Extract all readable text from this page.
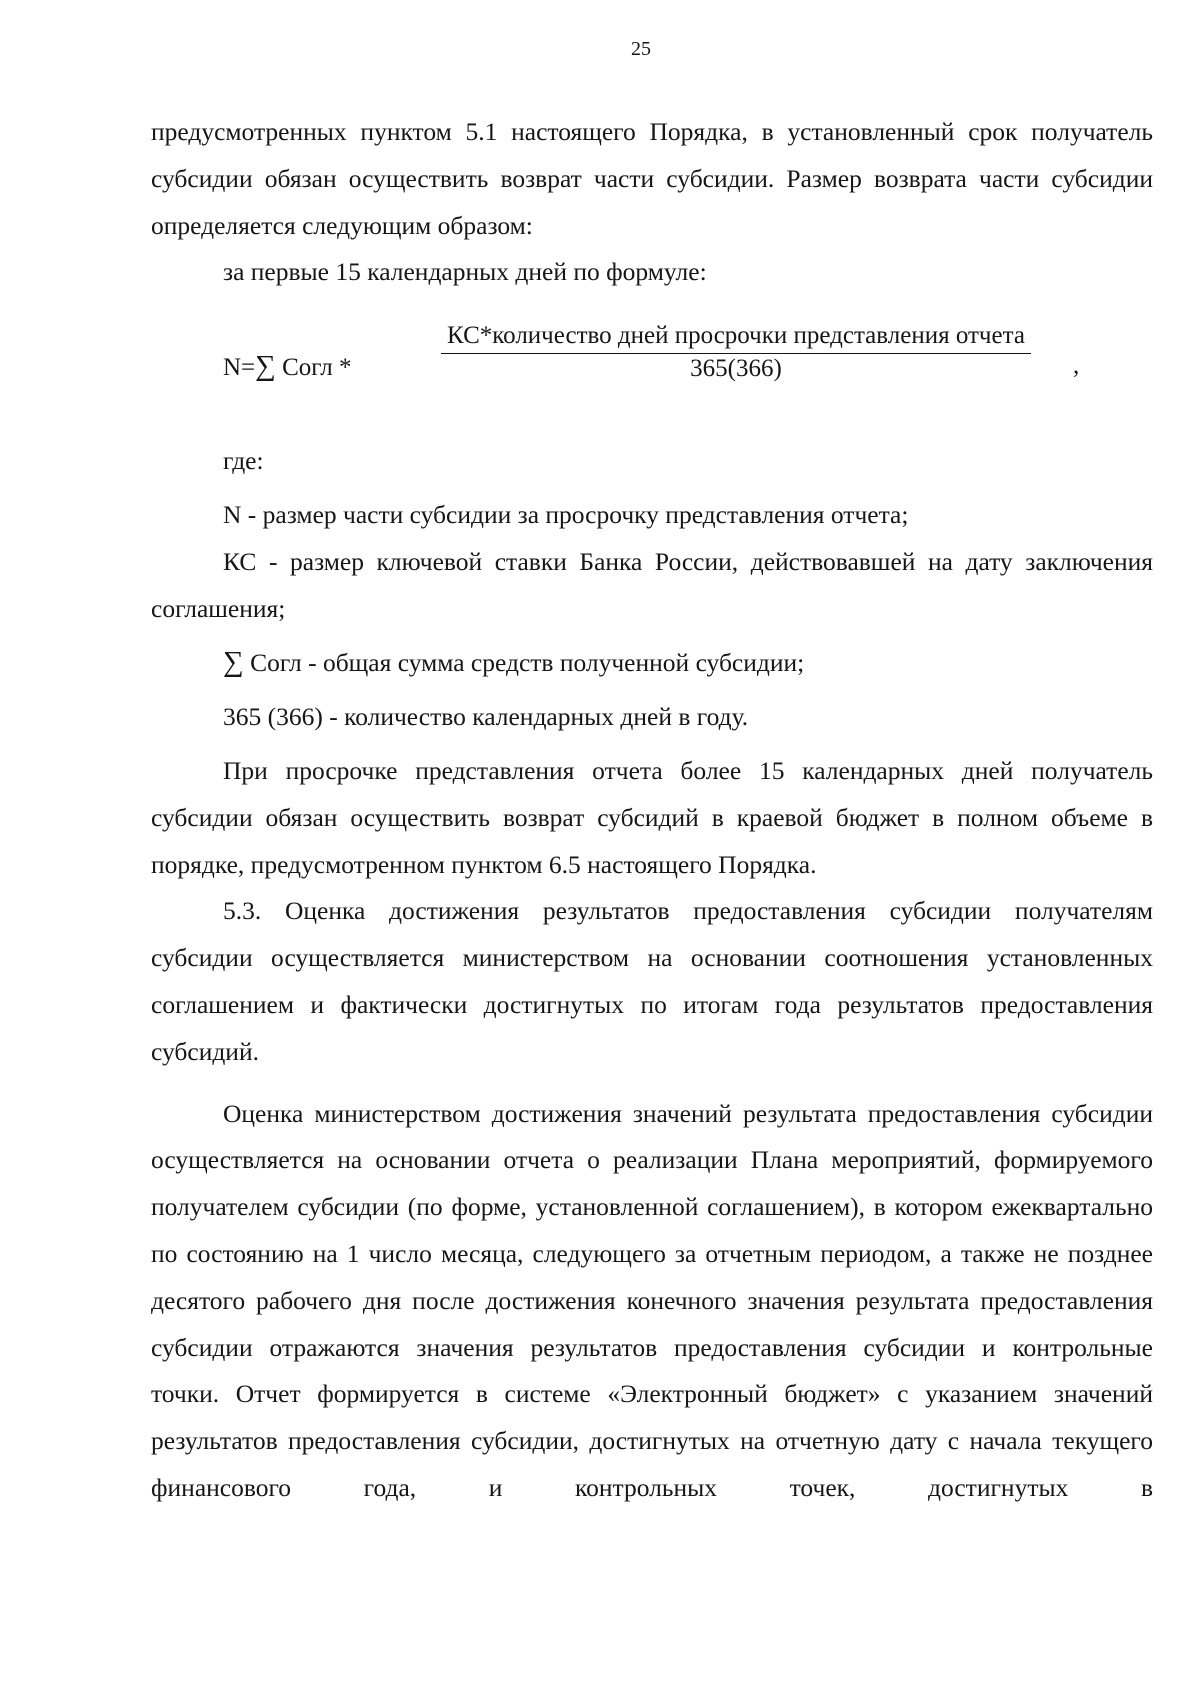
25

предусмотренных пунктом 5.1 настоящего Порядка, в установленный срок получатель субсидии обязан осуществить возврат части субсидии. Размер возврата части субсидии определяется следующим образом:

за первые 15 календарных дней по формуле:

N=∑ Согл *
КС*количество дней просрочки представления отчета
365(366)	,

где:

N - размер части субсидии за просрочку представления отчета;

КС - размер ключевой ставки Банка России, действовавшей на дату заключения соглашения;

∑ Согл - общая сумма средств полученной субсидии;

365 (366) - количество календарных дней в году.

При просрочке представления отчета более 15 календарных дней получатель субсидии обязан осуществить возврат субсидий в краевой бюджет в полном объеме в порядке, предусмотренном пунктом 6.5 настоящего Порядка.

5.3. Оценка достижения результатов предоставления субсидии получателям субсидии осуществляется министерством на основании соотношения установленных соглашением и фактически достигнутых по итогам года результатов предоставления субсидий.

Оценка министерством достижения значений результата предоставления субсидии осуществляется на основании отчета о реализации Плана мероприятий, формируемого получателем субсидии (по форме, установленной соглашением), в котором ежеквартально по состоянию на 1 число месяца, следующего за отчетным периодом, а также не позднее десятого рабочего дня после достижения конечного значения результата предоставления субсидии отражаются значения результатов предоставления субсидии и контрольные точки. Отчет формируется в системе «Электронный бюджет» с указанием значений результатов предоставления субсидии, достигнутых на отчетную дату с начала текущего финансового года, и контрольных точек, достигнутых в
